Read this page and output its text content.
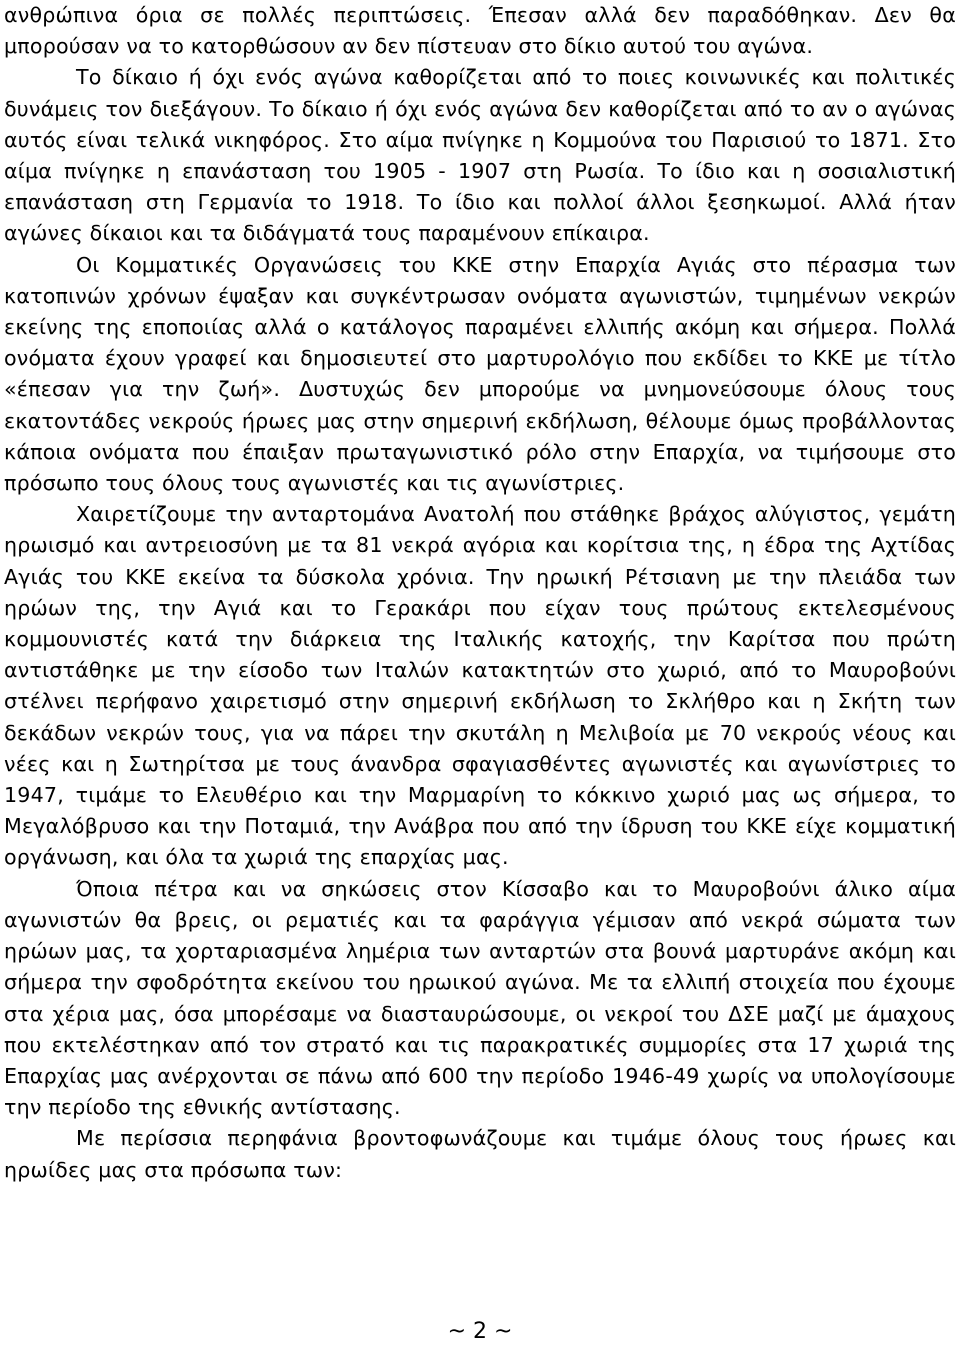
ανθρώπινα όρια σε πολλές περιπτώσεις. Έπεσαν αλλά δεν παραδόθηκαν. Δεν θα μπορούσαν να το κατορθώσουν αν δεν πίστευαν στο δίκιο αυτού του αγώνα.

Το δίκαιο ή όχι ενός αγώνα καθορίζεται από το ποιες κοινωνικές και πολιτικές δυνάμεις τον διεξάγουν. Το δίκαιο ή όχι ενός αγώνα δεν καθορίζεται από το αν ο αγώνας αυτός είναι τελικά νικηφόρος. Στο αίμα πνίγηκε η Κομμούνα του Παρισιού το 1871. Στο αίμα πνίγηκε η επανάσταση του 1905 - 1907 στη Ρωσία. Το ίδιο και η σοσιαλιστική επανάσταση στη Γερμανία το 1918. Το ίδιο και πολλοί άλλοι ξεσηκωμοί. Αλλά ήταν αγώνες δίκαιοι και τα διδάγματά τους παραμένουν επίκαιρα.

Οι Κομματικές Οργανώσεις του ΚΚΕ στην Επαρχία Αγιάς στο πέρασμα των κατοπινών χρόνων έψαξαν και συγκέντρωσαν ονόματα αγωνιστών, τιμημένων νεκρών εκείνης της εποποιίας αλλά ο κατάλογος παραμένει ελλιπής ακόμη και σήμερα. Πολλά ονόματα έχουν γραφεί και δημοσιευτεί στο μαρτυρολόγιο που εκδίδει το ΚΚΕ με τίτλο «έπεσαν για την ζωή». Δυστυχώς δεν μπορούμε να μνημονεύσουμε όλους τους εκατοντάδες νεκρούς ήρωες μας στην σημερινή εκδήλωση, θέλουμε όμως προβάλλοντας κάποια ονόματα που έπαιξαν πρωταγωνιστικό ρόλο στην Επαρχία, να τιμήσουμε στο πρόσωπο τους όλους τους αγωνιστές και τις αγωνίστριες.

Χαιρετίζουμε την ανταρτομάνα Ανατολή που στάθηκε βράχος αλύγιστος, γεμάτη ηρωισμό και αντρειοσύνη με τα 81 νεκρά αγόρια και κορίτσια της, η έδρα της Αχτίδας Αγιάς του ΚΚΕ εκείνα τα δύσκολα χρόνια. Την ηρωική Ρέτσιανη με την πλειάδα των ηρώων της, την Αγιά και το Γερακάρι που είχαν τους πρώτους εκτελεσμένους κομμουνιστές κατά την διάρκεια της Ιταλικής κατοχής, την Καρίτσα που πρώτη αντιστάθηκε με την είσοδο των Ιταλών κατακτητών στο χωριό, από το Μαυροβούνι στέλνει περήφανο χαιρετισμό στην σημερινή εκδήλωση το Σκλήθρο και η Σκήτη των δεκάδων νεκρών τους, για να πάρει την σκυτάλη η Μελιβοία με 70 νεκρούς νέους και νέες και η Σωτηρίτσα με τους άνανδρα σφαγιασθέντες αγωνιστές και αγωνίστριες το 1947, τιμάμε το Ελευθέριο και την Μαρμαρίνη το κόκκινο χωριό μας ως σήμερα, το Μεγαλόβρυσο και την Ποταμιά, την Ανάβρα που από την ίδρυση του ΚΚΕ είχε κομματική οργάνωση, και όλα τα χωριά της επαρχίας μας.

Όποια πέτρα και να σηκώσεις στον Κίσσαβο και το Μαυροβούνι άλικο αίμα αγωνιστών θα βρεις, οι ρεματιές και τα φαράγγια γέμισαν από νεκρά σώματα των ηρώων μας, τα χορταριασμένα λημέρια των ανταρτών στα βουνά μαρτυράνε ακόμη και σήμερα την σφοδρότητα εκείνου του ηρωικού αγώνα. Με τα ελλιπή στοιχεία που έχουμε στα χέρια μας, όσα μπορέσαμε να διασταυρώσουμε, οι νεκροί του ΔΣΕ μαζί με άμαχους που εκτελέστηκαν από τον στρατό και τις παρακρατικές συμμορίες στα 17 χωριά της Επαρχίας μας ανέρχονται σε πάνω από 600 την περίοδο 1946-49 χωρίς να υπολογίσουμε την περίοδο της εθνικής αντίστασης.

Με περίσσια περηφάνια βροντοφωνάζουμε και τιμάμε όλους τους ήρωες και ηρωίδες μας στα πρόσωπα των:

~ 2 ~
